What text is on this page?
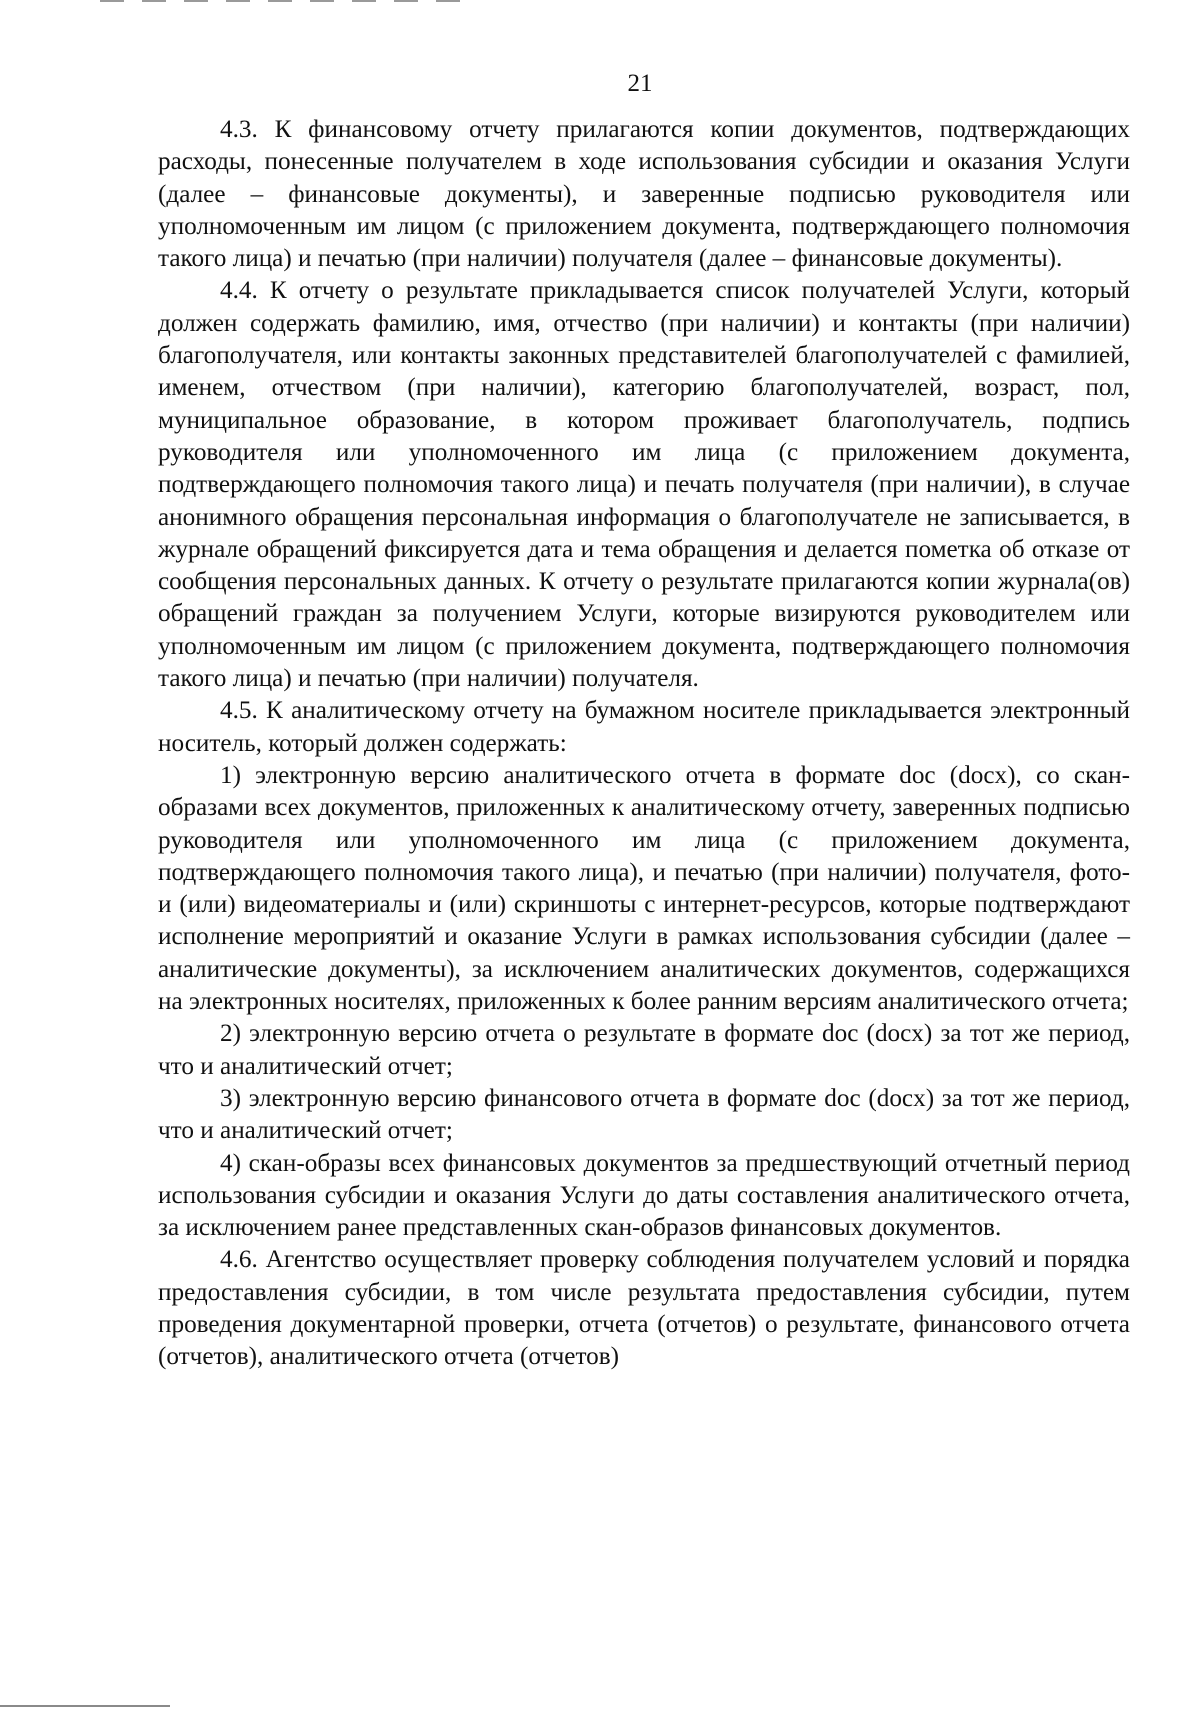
21

4.3. К финансовому отчету прилагаются копии документов, подтверждающих расходы, понесенные получателем в ходе использования субсидии и оказания Услуги (далее – финансовые документы), и заверенные подписью руководителя или уполномоченным им лицом (с приложением документа, подтверждающего полномочия такого лица) и печатью (при наличии) получателя (далее – финансовые документы).

4.4. К отчету о результате прикладывается список получателей Услуги, который должен содержать фамилию, имя, отчество (при наличии) и контакты (при наличии) благополучателя, или контакты законных представителей благополучателей с фамилией, именем, отчеством (при наличии), категорию благополучателей, возраст, пол, муниципальное образование, в котором проживает благополучатель, подпись руководителя или уполномоченного им лица (с приложением документа, подтверждающего полномочия такого лица) и печать получателя (при наличии), в случае анонимного обращения персональная информация о благополучателе не записывается, в журнале обращений фиксируется дата и тема обращения и делается пометка об отказе от сообщения персональных данных. К отчету о результате прилагаются копии журнала(ов) обращений граждан за получением Услуги, которые визируются руководителем или уполномоченным им лицом (с приложением документа, подтверждающего полномочия такого лица) и печатью (при наличии) получателя.

4.5. К аналитическому отчету на бумажном носителе прикладывается электронный носитель, который должен содержать:

1) электронную версию аналитического отчета в формате doc (docx), со скан-образами всех документов, приложенных к аналитическому отчету, заверенных подписью руководителя или уполномоченного им лица (с приложением документа, подтверждающего полномочия такого лица), и печатью (при наличии) получателя, фото- и (или) видеоматериалы и (или) скриншоты с интернет-ресурсов, которые подтверждают исполнение мероприятий и оказание Услуги в рамках использования субсидии (далее – аналитические документы), за исключением аналитических документов, содержащихся на электронных носителях, приложенных к более ранним версиям аналитического отчета;

2) электронную версию отчета о результате в формате doc (docx) за тот же период, что и аналитический отчет;

3) электронную версию финансового отчета в формате doc (docx) за тот же период, что и аналитический отчет;

4) скан-образы всех финансовых документов за предшествующий отчетный период использования субсидии и оказания Услуги до даты составления аналитического отчета, за исключением ранее представленных скан-образов финансовых документов.

4.6. Агентство осуществляет проверку соблюдения получателем условий и порядка предоставления субсидии, в том числе результата предоставления субсидии, путем проведения документарной проверки, отчета (отчетов) о результате, финансового отчета (отчетов), аналитического отчета (отчетов)
